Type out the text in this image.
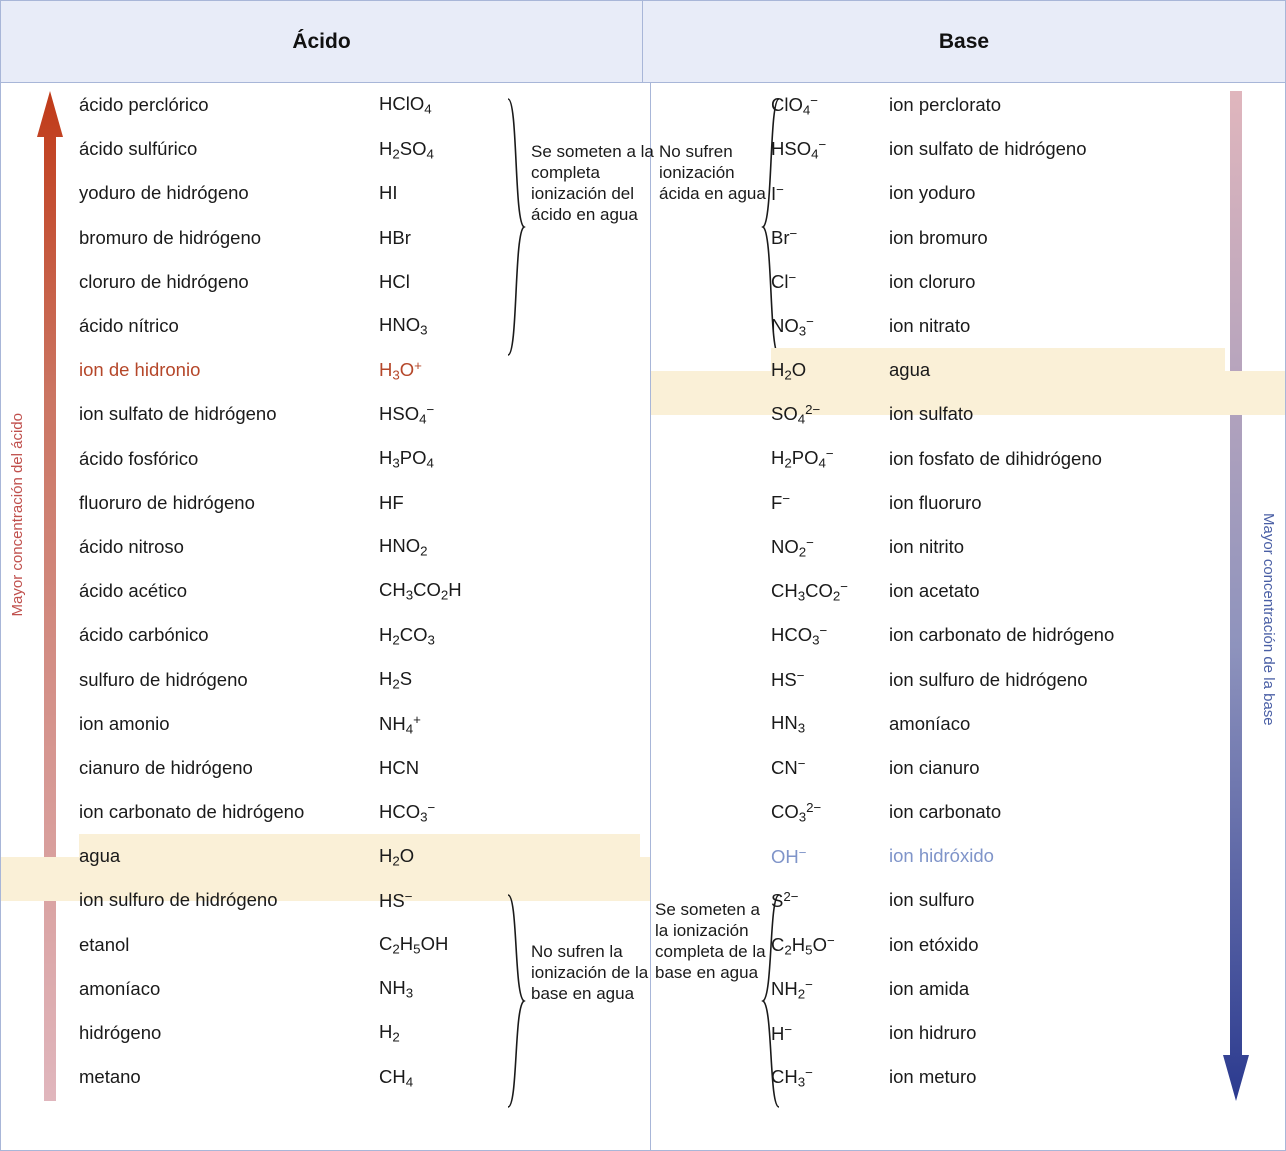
Ácido	Base
Mayor concentración del ácido
Se someten a la completa ionización del ácido en agua
No sufren la ionización de la base en agua
ácido perclórico	HClO$_4$
ácido sulfúrico	$H_2SO_4$
yoduro de hidrógeno	HI
bromuro de hidrógeno	HBr
cloruro de hidrógeno	HCl
ácido nítrico	$HNO_3$
ion de hidronio	$H_3O^+$
ion sulfato de hidrógeno	$HSO_4^-$
ácido fosfórico	$H_3PO_4$
fluoruro de hidrógeno	HF
ácido nitroso	$HNO_2$
ácido acético	$CH_3CO_2H$
ácido carbónico	$H_2CO_3$
sulfuro de hidrógeno	$H_2S$
ion amonio	$NH_4^+$
cianuro de hidrógeno	HCN
ion carbonato de hidrógeno	$HCO_3^-$
agua	$H_2O$
ion sulfuro de hidrógeno	HS−
etanol	$C_2H_5OH$
amoníaco	$NH_3$
hidrógeno	$H_2$
metano	$CH_4$
Mayor concentración de la base
No sufren ionización ácida en agua
Se someten a la ionización completa de la base en agua
ClO$_4$−	ion perclorato
$HSO_4^-$	ion sulfato de hidrógeno
I−	ion yoduro
Br−	ion bromuro
Cl−	ion cloruro
$NO_3^-$	ion nitrato
$H_2O$	agua
$SO_4^{2-}$	ion sulfato
$H_2PO_4^-$	ion fosfato de dihidrógeno
F−	ion fluoruro
$NO_2^-$	ion nitrito
$CH_3CO_2^-$	ion acetato
$HCO_3^-$	ion carbonato de hidrógeno
HS−	ion sulfuro de hidrógeno
$HN_3$	amoníaco
CN−	ion cianuro
$CO_3^{2-}$	ion carbonato
OH−	ion hidróxido
$S^{2-}$	ion sulfuro
$C_2H_5O^-$	ion etóxido
$NH_2^-$	ion amida
H−	ion hidruro
$CH_3^-$	ion meturo
